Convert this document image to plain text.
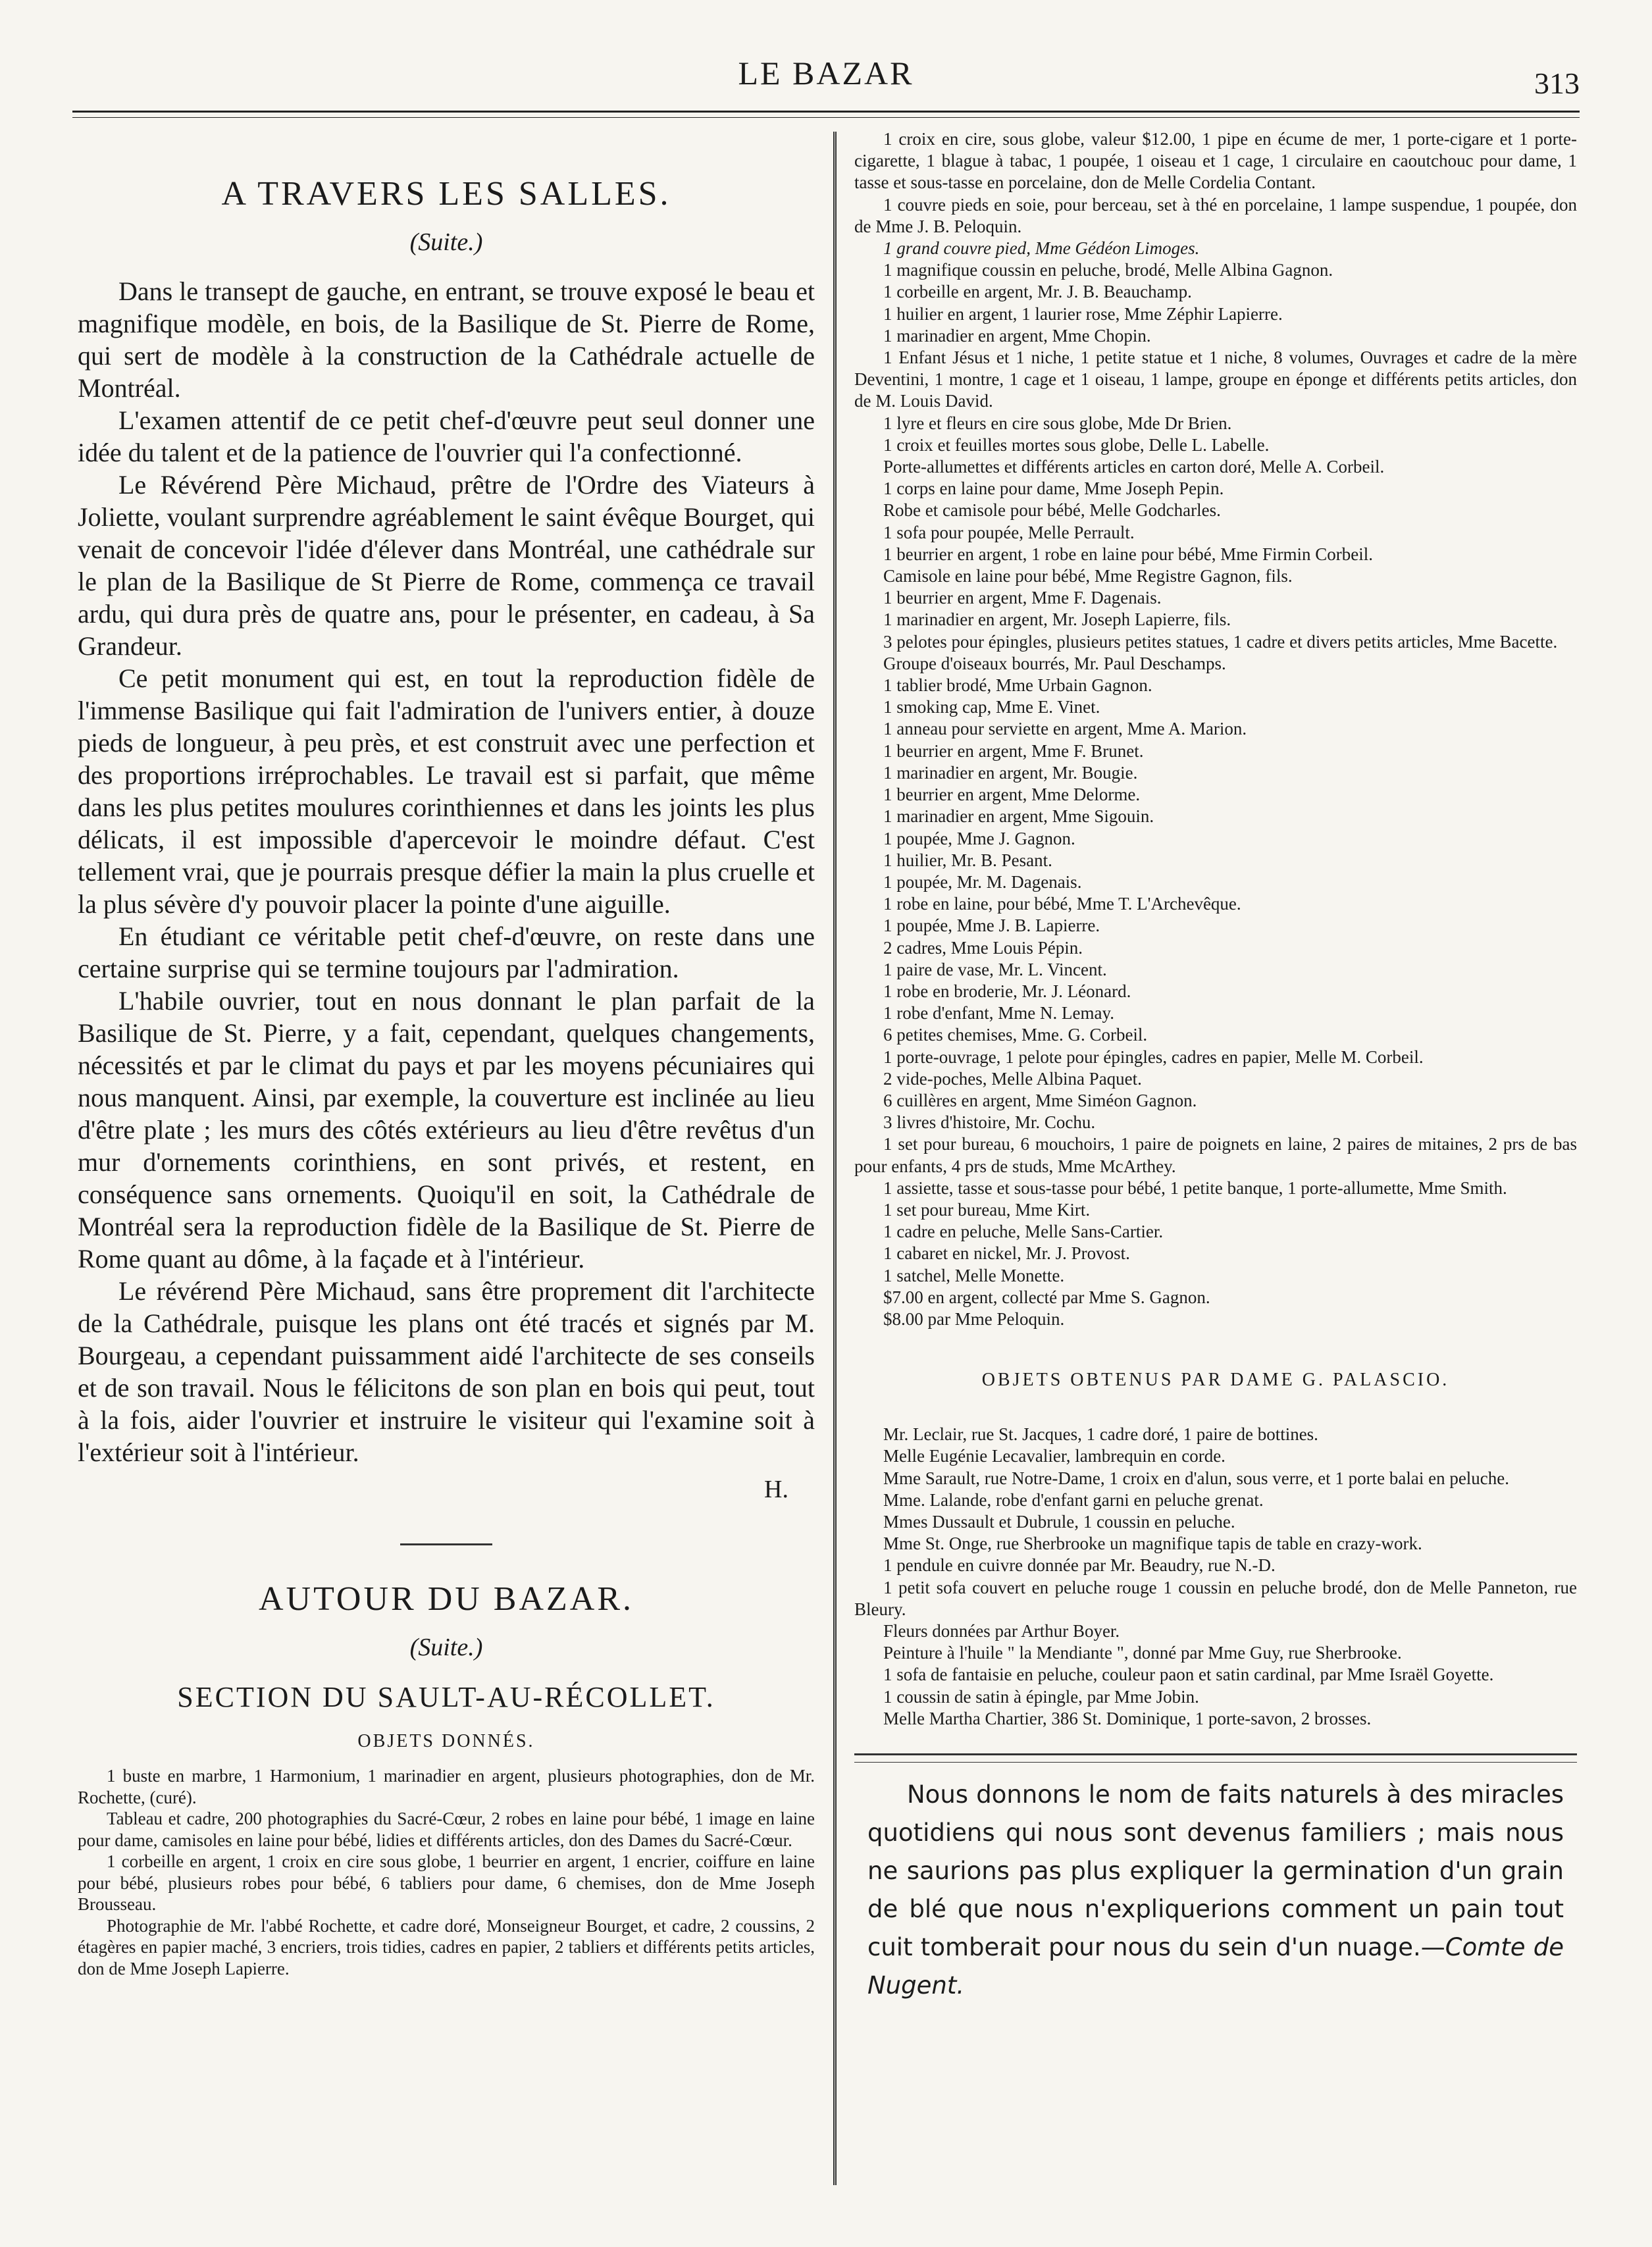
LE BAZAR	313
A TRAVERS LES SALLES.
(Suite.)

Dans le transept de gauche, en entrant, se trouve exposé le beau et magnifique modèle, en bois, de la Basilique de St. Pierre de Rome, qui sert de modèle à la construction de la Cathédrale actuelle de Montréal.

L'examen attentif de ce petit chef-d'œuvre peut seul donner une idée du talent et de la patience de l'ouvrier qui l'a confectionné.

Le Révérend Père Michaud, prêtre de l'Ordre des Viateurs à Joliette, voulant surprendre agréablement le saint évêque Bourget, qui venait de concevoir l'idée d'élever dans Montréal, une cathédrale sur le plan de la Basilique de St Pierre de Rome, commença ce travail ardu, qui dura près de quatre ans, pour le présenter, en cadeau, à Sa Grandeur.

Ce petit monument qui est, en tout la reproduction fidèle de l'immense Basilique qui fait l'admiration de l'univers entier, à douze pieds de longueur, à peu près, et est construit avec une perfection et des proportions irréprochables. Le travail est si parfait, que même dans les plus petites moulures corinthiennes et dans les joints les plus délicats, il est impossible d'apercevoir le moindre défaut. C'est tellement vrai, que je pourrais presque défier la main la plus cruelle et la plus sévère d'y pouvoir placer la pointe d'une aiguille.

En étudiant ce véritable petit chef-d'œuvre, on reste dans une certaine surprise qui se termine toujours par l'admiration.

L'habile ouvrier, tout en nous donnant le plan parfait de la Basilique de St. Pierre, y a fait, cependant, quelques changements, nécessités et par le climat du pays et par les moyens pécuniaires qui nous manquent. Ainsi, par exemple, la couverture est inclinée au lieu d'être plate ; les murs des côtés extérieurs au lieu d'être revêtus d'un mur d'ornements corinthiens, en sont privés, et restent, en conséquence sans ornements. Quoiqu'il en soit, la Cathédrale de Montréal sera la reproduction fidèle de la Basilique de St. Pierre de Rome quant au dôme, à la façade et à l'intérieur.

Le révérend Père Michaud, sans être proprement dit l'architecte de la Cathédrale, puisque les plans ont été tracés et signés par M. Bourgeau, a cependant puissamment aidé l'architecte de ses conseils et de son travail. Nous le félicitons de son plan en bois qui peut, tout à la fois, aider l'ouvrier et instruire le visiteur qui l'examine soit à l'extérieur soit à l'intérieur.

H.
AUTOUR DU BAZAR.
(Suite.)
SECTION DU SAULT-AU-RÉCOLLET.
OBJETS DONNÉS.

1 buste en marbre, 1 Harmonium, 1 marinadier en argent, plusieurs photographies, don de Mr. Rochette, (curé).

Tableau et cadre, 200 photographies du Sacré-Cœur, 2 robes en laine pour bébé, 1 image en laine pour dame, camisoles en laine pour bébé, lidies et différents articles, don des Dames du Sacré-Cœur.

1 corbeille en argent, 1 croix en cire sous globe, 1 beurrier en argent, 1 encrier, coiffure en laine pour bébé, plusieurs robes pour bébé, 6 tabliers pour dame, 6 chemises, don de Mme Joseph Brousseau.

Photographie de Mr. l'abbé Rochette, et cadre doré, Monseigneur Bourget, et cadre, 2 coussins, 2 étagères en papier maché, 3 encriers, trois tidies, cadres en papier, 2 tabliers et différents petits articles, don de Mme Joseph Lapierre.

1 croix en cire, sous globe, valeur $12.00, 1 pipe en écume de mer, 1 porte-cigare et 1 porte-cigarette, 1 blague à tabac, 1 poupée, 1 oiseau et 1 cage, 1 circulaire en caoutchouc pour dame, 1 tasse et sous-tasse en porcelaine, don de Melle Cordelia Contant.

1 couvre pieds en soie, pour berceau, set à thé en porcelaine, 1 lampe suspendue, 1 poupée, don de Mme J. B. Peloquin.

1 grand couvre pied, Mme Gédéon Limoges.

1 magnifique coussin en peluche, brodé, Melle Albina Gagnon.

1 corbeille en argent, Mr. J. B. Beauchamp.

1 huilier en argent, 1 laurier rose, Mme Zéphir Lapierre.

1 marinadier en argent, Mme Chopin.

1 Enfant Jésus et 1 niche, 1 petite statue et 1 niche, 8 volumes, Ouvrages et cadre de la mère Deventini, 1 montre, 1 cage et 1 oiseau, 1 lampe, groupe en éponge et différents petits articles, don de M. Louis David.

1 lyre et fleurs en cire sous globe, Mde Dr Brien.

1 croix et feuilles mortes sous globe, Delle L. Labelle.

Porte-allumettes et différents articles en carton doré, Melle A. Corbeil.

1 corps en laine pour dame, Mme Joseph Pepin.

Robe et camisole pour bébé, Melle Godcharles.

1 sofa pour poupée, Melle Perrault.

1 beurrier en argent, 1 robe en laine pour bébé, Mme Firmin Corbeil.

Camisole en laine pour bébé, Mme Registre Gagnon, fils.

1 beurrier en argent, Mme F. Dagenais.

1 marinadier en argent, Mr. Joseph Lapierre, fils.

3 pelotes pour épingles, plusieurs petites statues, 1 cadre et divers petits articles, Mme Bacette.

Groupe d'oiseaux bourrés, Mr. Paul Deschamps.

1 tablier brodé, Mme Urbain Gagnon.

1 smoking cap, Mme E. Vinet.

1 anneau pour serviette en argent, Mme A. Marion.

1 beurrier en argent, Mme F. Brunet.

1 marinadier en argent, Mr. Bougie.

1 beurrier en argent, Mme Delorme.

1 marinadier en argent, Mme Sigouin.

1 poupée, Mme J. Gagnon.

1 huilier, Mr. B. Pesant.

1 poupée, Mr. M. Dagenais.

1 robe en laine, pour bébé, Mme T. L'Archevêque.

1 poupée, Mme J. B. Lapierre.

2 cadres, Mme Louis Pépin.

1 paire de vase, Mr. L. Vincent.

1 robe en broderie, Mr. J. Léonard.

1 robe d'enfant, Mme N. Lemay.

6 petites chemises, Mme. G. Corbeil.

1 porte-ouvrage, 1 pelote pour épingles, cadres en papier, Melle M. Corbeil.

2 vide-poches, Melle Albina Paquet.

6 cuillères en argent, Mme Siméon Gagnon.

3 livres d'histoire, Mr. Cochu.

1 set pour bureau, 6 mouchoirs, 1 paire de poignets en laine, 2 paires de mitaines, 2 prs de bas pour enfants, 4 prs de studs, Mme McArthey.

1 assiette, tasse et sous-tasse pour bébé, 1 petite banque, 1 porte-allumette, Mme Smith.

1 set pour bureau, Mme Kirt.

1 cadre en peluche, Melle Sans-Cartier.

1 cabaret en nickel, Mr. J. Provost.

1 satchel, Melle Monette.

$7.00 en argent, collecté par Mme S. Gagnon.

$8.00 par Mme Peloquin.

OBJETS OBTENUS PAR DAME G. PALASCIO.

Mr. Leclair, rue St. Jacques, 1 cadre doré, 1 paire de bottines.

Melle Eugénie Lecavalier, lambrequin en corde.

Mme Sarault, rue Notre-Dame, 1 croix en d'alun, sous verre, et 1 porte balai en peluche.

Mme. Lalande, robe d'enfant garni en peluche grenat.

Mmes Dussault et Dubrule, 1 coussin en peluche.

Mme St. Onge, rue Sherbrooke un magnifique tapis de table en crazy-work.

1 pendule en cuivre donnée par Mr. Beaudry, rue N.-D.

1 petit sofa couvert en peluche rouge 1 coussin en peluche brodé, don de Melle Panneton, rue Bleury.

Fleurs données par Arthur Boyer.

Peinture à l'huile " la Mendiante ", donné par Mme Guy, rue Sherbrooke.

1 sofa de fantaisie en peluche, couleur paon et satin cardinal, par Mme Israël Goyette.

1 coussin de satin à épingle, par Mme Jobin.

Melle Martha Chartier, 386 St. Dominique, 1 porte-savon, 2 brosses.

Nous donnons le nom de faits naturels à des miracles quotidiens qui nous sont devenus familiers ; mais nous ne saurions pas plus expliquer la germination d'un grain de blé que nous n'expliquerions comment un pain tout cuit tomberait pour nous du sein d'un nuage.—Comte de Nugent.
